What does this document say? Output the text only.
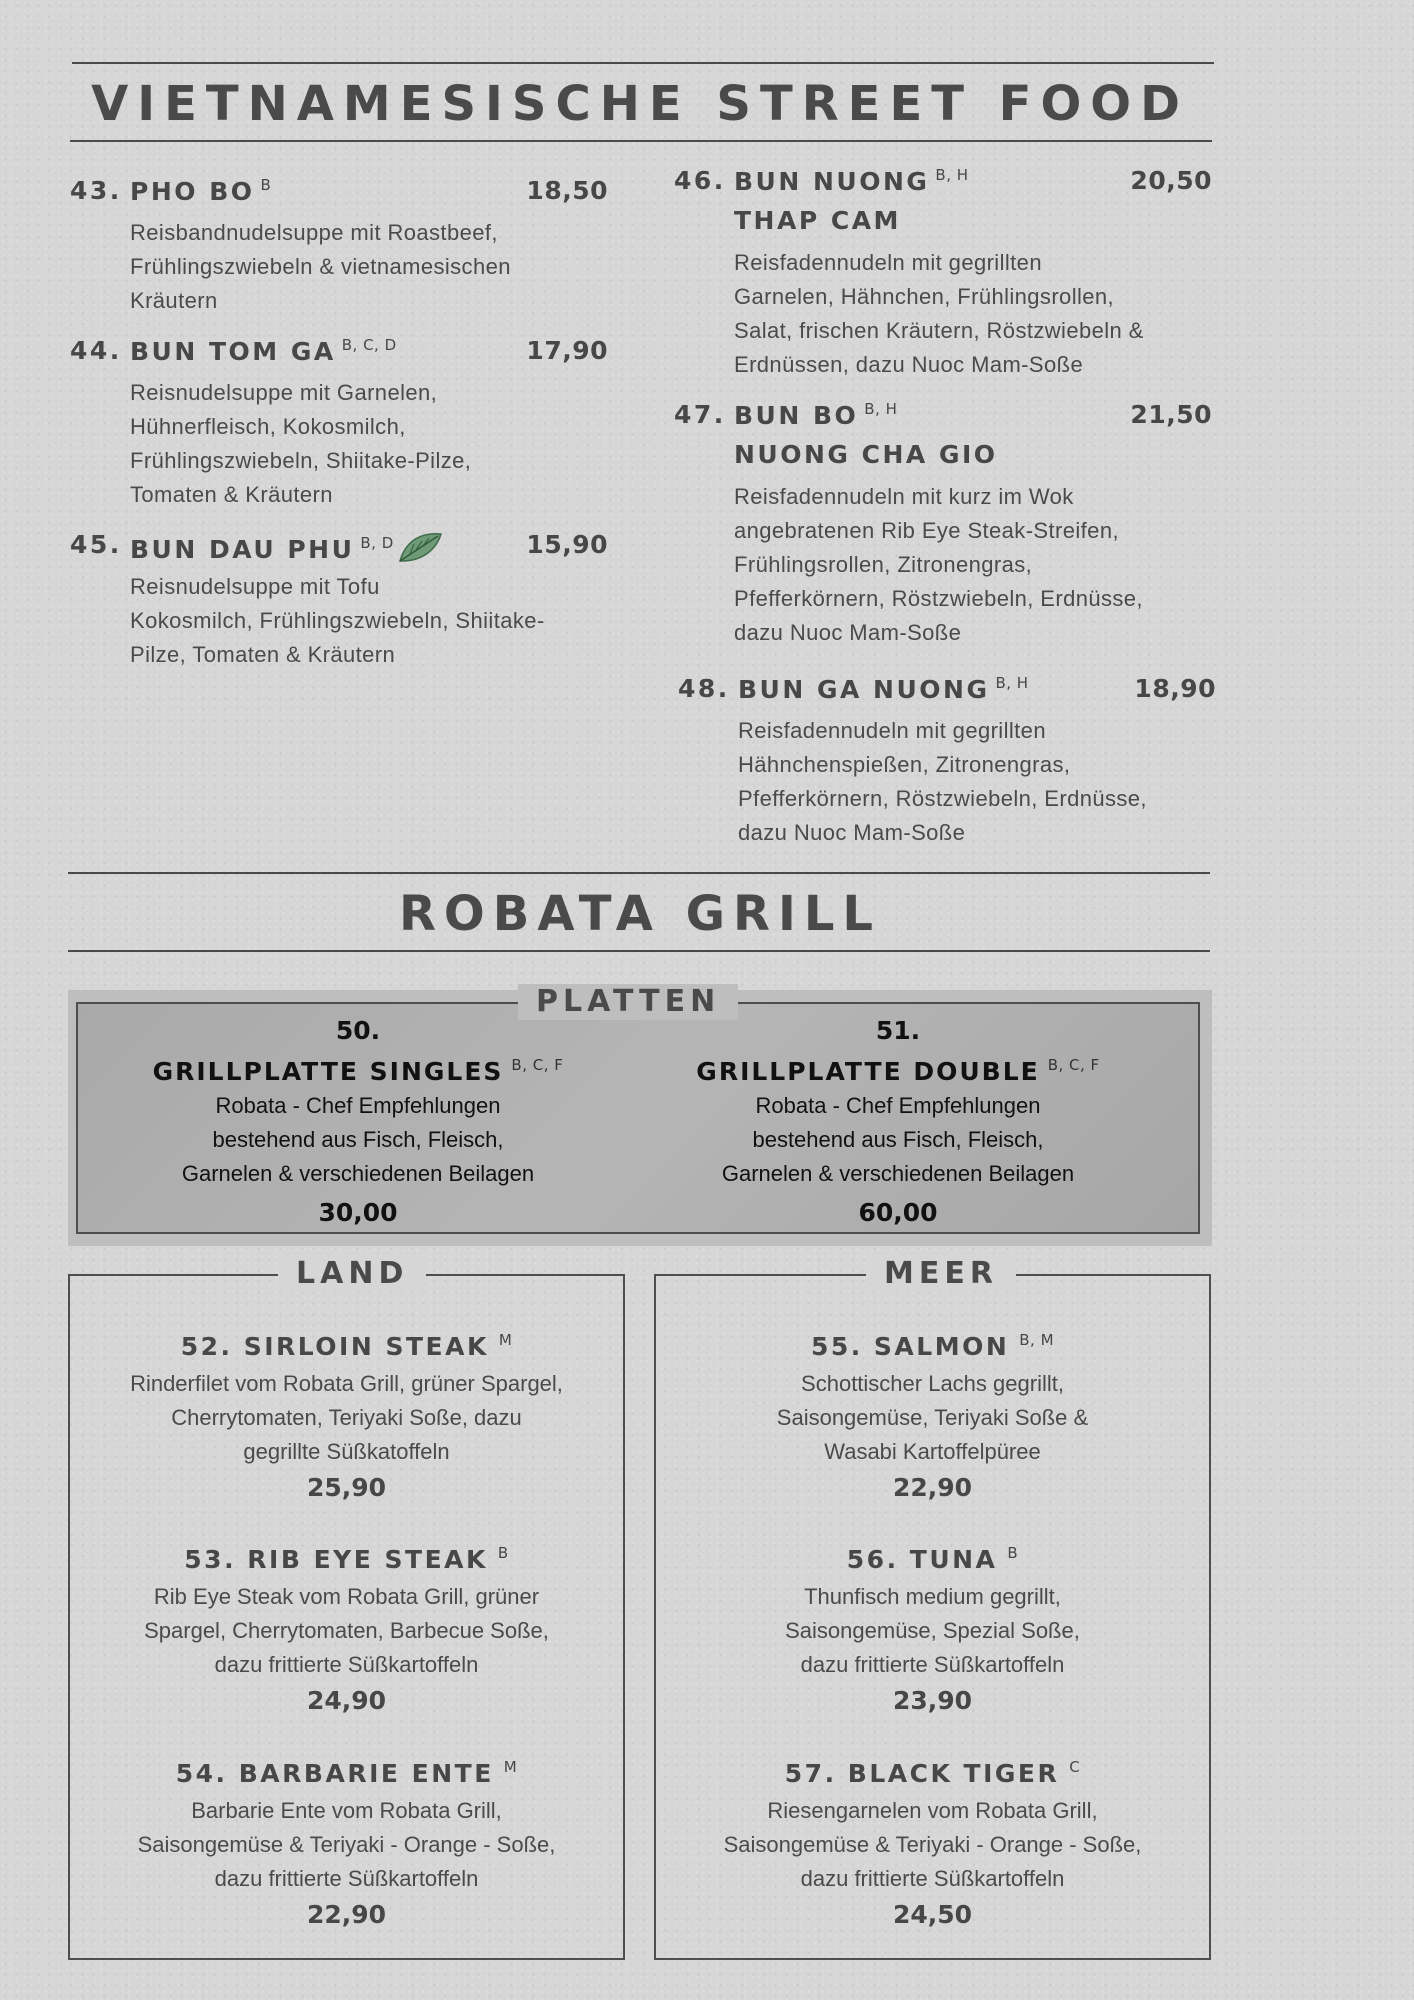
VIETNAMESISCHE STREET FOOD
43. PHO BO $^B$	18,50
Reisbandnudelsuppe mit Roastbeef,
Frühlingszwiebeln & vietnamesischen
Kräutern
44. BUN TOM GA $^{B, C, D}$	17,90
Reisnudelsuppe mit Garnelen,
Hühnerfleisch, Kokosmilch,
Frühlingszwiebeln, Shiitake-Pilze,
Tomaten & Kräutern
45. BUN DAU PHU $^{B, D}$	15,90
Reisnudelsuppe mit Tofu
Kokosmilch, Frühlingszwiebeln, Shiitake-
Pilze, Tomaten & Kräutern
46. BUN NUONG $^{B, H}$	20,50
THAP CAM
Reisfadennudeln mit gegrillten
Garnelen, Hähnchen, Frühlingsrollen,
Salat, frischen Kräutern, Röstzwiebeln &
Erdnüssen, dazu Nuoc Mam-Soße
47. BUN BO $^{B, H}$	21,50
NUONG CHA GIO
Reisfadennudeln mit kurz im Wok
angebratenen Rib Eye Steak-Streifen,
Frühlingsrollen, Zitronengras,
Pfefferkörnern, Röstzwiebeln, Erdnüsse,
dazu Nuoc Mam-Soße
48. BUN GA NUONG $^{B, H}$	18,90
Reisfadennudeln mit gegrillten
Hähnchenspießen, Zitronengras,
Pfefferkörnern, Röstzwiebeln, Erdnüsse,
dazu Nuoc Mam-Soße
ROBATA GRILL
50.
GRILLPLATTE SINGLES $^{B, C, F}$
Robata - Chef Empfehlungen
bestehend aus Fisch, Fleisch,
Garnelen & verschiedenen Beilagen
30,00
51.
GRILLPLATTE DOUBLE $^{B, C, F}$
Robata - Chef Empfehlungen
bestehend aus Fisch, Fleisch,
Garnelen & verschiedenen Beilagen
60,00
PLATTEN
LAND
52. SIRLOIN STEAK $^M$
Rinderfilet vom Robata Grill, grüner Spargel,
Cherrytomaten, Teriyaki Soße, dazu
gegrillte Süßkatoffeln
25,90
53. RIB EYE STEAK $^B$
Rib Eye Steak vom Robata Grill, grüner
Spargel, Cherrytomaten, Barbecue Soße,
dazu frittierte Süßkartoffeln
24,90
54. BARBARIE ENTE $^M$
Barbarie Ente vom Robata Grill,
Saisongemüse & Teriyaki - Orange - Soße,
dazu frittierte Süßkartoffeln
22,90
MEER
55. SALMON $^{B, M}$
Schottischer Lachs gegrillt,
Saisongemüse, Teriyaki Soße &
Wasabi Kartoffelpüree
22,90
56. TUNA $^B$
Thunfisch medium gegrillt,
Saisongemüse, Spezial Soße,
dazu frittierte Süßkartoffeln
23,90
57. BLACK TIGER $^C$
Riesengarnelen vom Robata Grill,
Saisongemüse & Teriyaki - Orange - Soße,
dazu frittierte Süßkartoffeln
24,50
